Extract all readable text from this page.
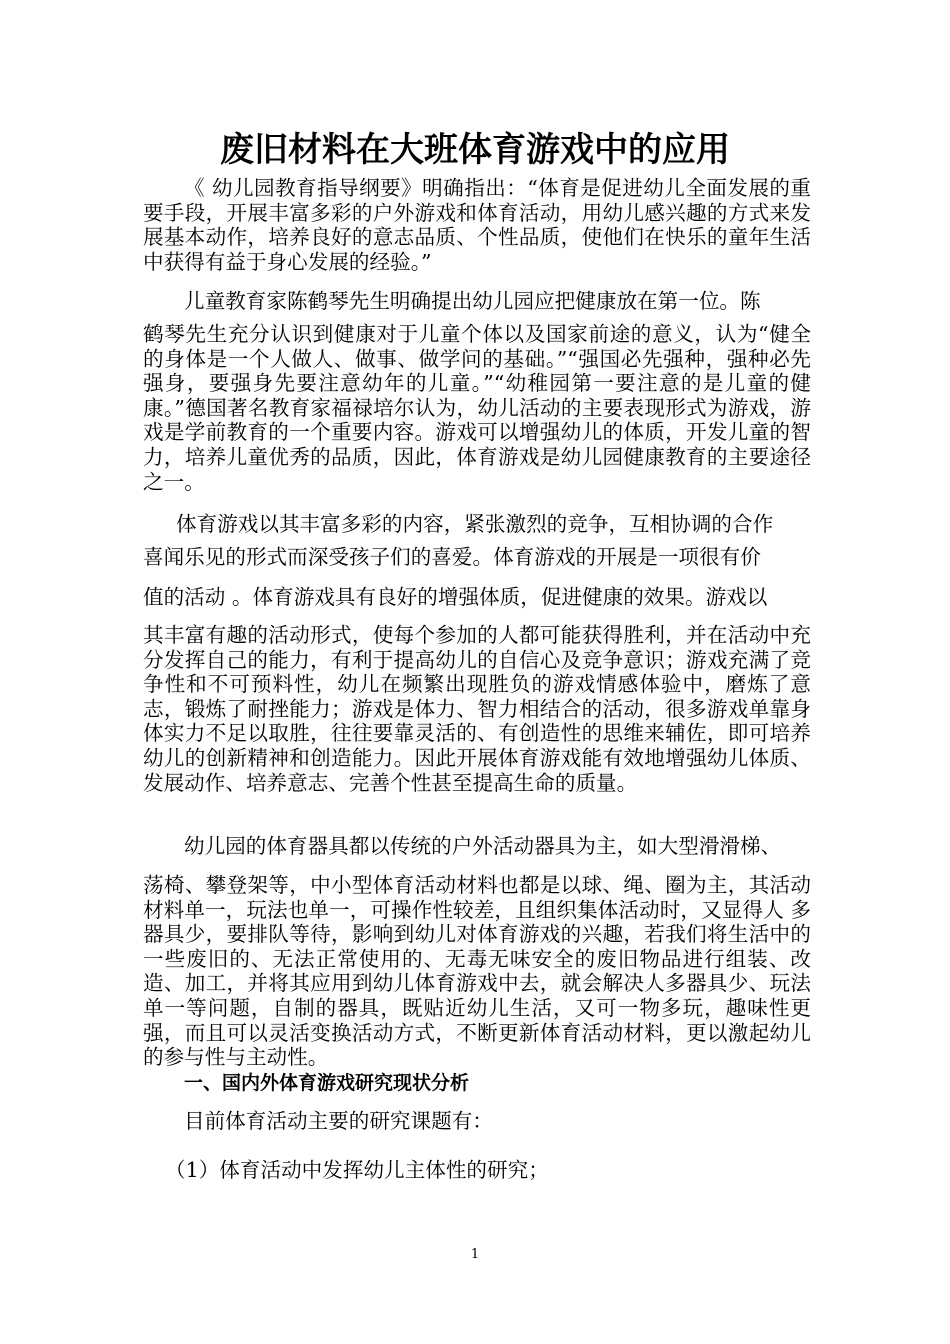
废旧材料在大班体育游戏中的应用

《 幼儿园教育指导纲要》明确指出：“体育是促进幼儿全面发展的重要手段，开展丰富多彩的户外游戏和体育活动，用幼儿感兴趣的方式来发展基本动作，培养良好的意志品质、个性品质，使他们在快乐的童年生活中获得有益于身心发展的经验。”

儿童教育家陈鹤琴先生明确提出幼儿园应把健康放在第一位。陈

鹤琴先生充分认识到健康对于儿童个体以及国家前途的意义，认为“健全的身体是一个人做人、做事、做学问的基础。”“强国必先强种，强种必先强身，要强身先要注意幼年的儿童。”“幼稚园第一要注意的是儿童的健康。”德国著名教育家福禄培尔认为，幼儿活动的主要表现形式为游戏，游戏是学前教育的一个重要内容。游戏可以增强幼儿的体质，开发儿童的智力，培养儿童优秀的品质，因此，体育游戏是幼儿园健康教育的主要途径之一。

体育游戏以其丰富多彩的内容，紧张激烈的竞争，互相协调的合作

喜闻乐见的形式而深受孩子们的喜爱。体育游戏的开展是一项很有价

值的活动 。体育游戏具有良好的增强体质，促进健康的效果。游戏以

其丰富有趣的活动形式，使每个参加的人都可能获得胜利，并在活动中充分发挥自己的能力，有利于提高幼儿的自信心及竞争意识；游戏充满了竞争性和不可预料性，幼儿在频繁出现胜负的游戏情感体验中，磨炼了意志，锻炼了耐挫能力；游戏是体力、智力相结合的活动，很多游戏单靠身体实力不足以取胜，往往要靠灵活的、有创造性的思维来辅佐，即可培养幼儿的创新精神和创造能力。因此开展体育游戏能有效地增强幼儿体质、发展动作、培养意志、完善个性甚至提高生命的质量。

幼儿园的体育器具都以传统的户外活动器具为主，如大型滑滑梯、

荡椅、攀登架等，中小型体育活动材料也都是以球、绳、圈为主，其活动材料单一，玩法也单一，可操作性较差，且组织集体活动时，又显得人 多器具少，要排队等待，影响到幼儿对体育游戏的兴趣，若我们将生活中的一些废旧的、无法正常使用的、无毒无味安全的废旧物品进行组装、改造、加工，并将其应用到幼儿体育游戏中去，就会解决人多器具少、玩法单一等问题，自制的器具，既贴近幼儿生活，又可一物多玩，趣味性更强，而且可以灵活变换活动方式，不断更新体育活动材料，更以激起幼儿的参与性与主动性。

一、国内外体育游戏研究现状分析

目前体育活动主要的研究课题有：

（1）体育活动中发挥幼儿主体性的研究；

1
